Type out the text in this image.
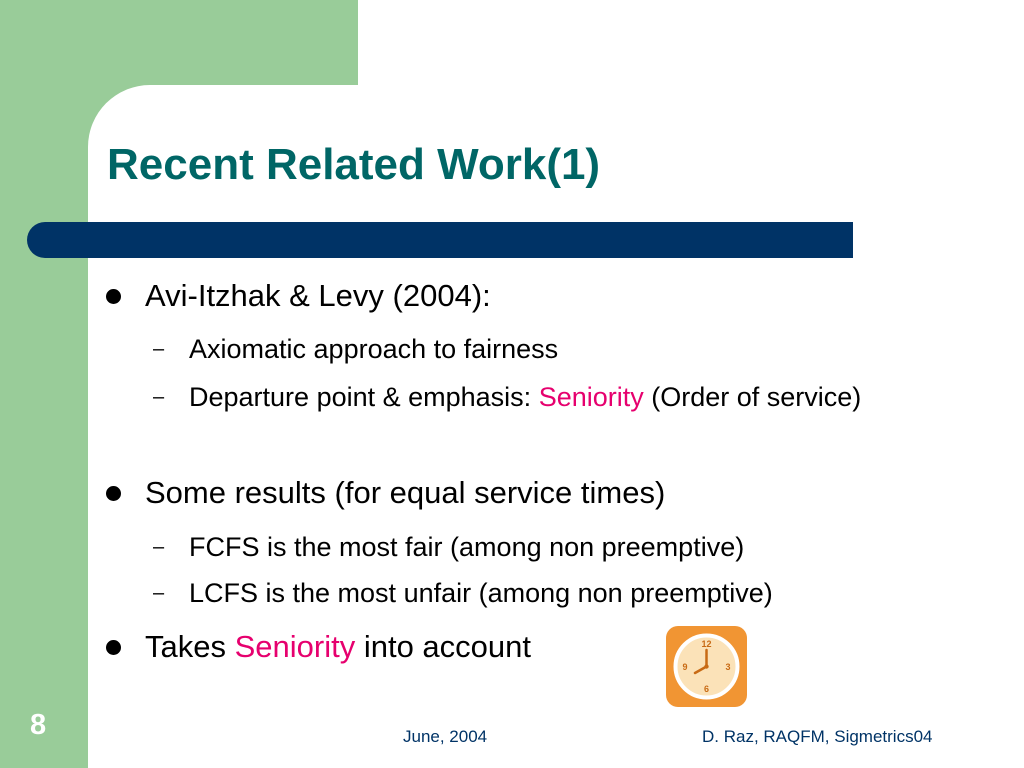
Recent Related Work(1)
Avi-Itzhak & Levy (2004):
– Axiomatic approach to fairness
– Departure point & emphasis: Seniority (Order of service)
Some results (for equal service times)
– FCFS is the most fair (among non preemptive)
– LCFS is the most unfair (among non preemptive)
Takes Seniority into account	12
3
6
9
8	June, 2004	D. Raz, RAQFM, Sigmetrics04
